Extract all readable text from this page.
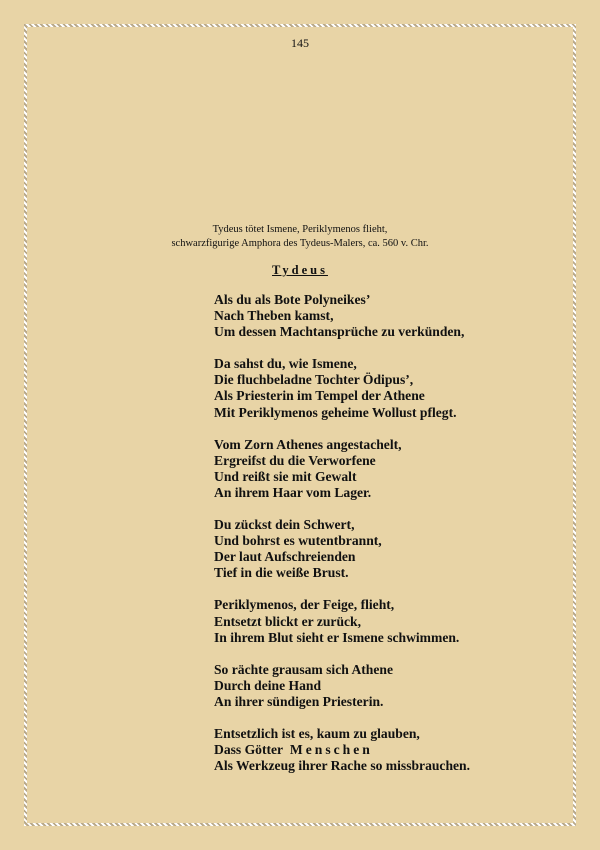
145
Tydeus tötet Ismene, Periklymenos flieht,
schwarzfigurige Amphora des Tydeus-Malers, ca. 560 v. Chr.
Tydeus
Als du als Bote Polyneikes’
Nach Theben kamst,
Um dessen Machtansprüche zu verkünden,
Da sahst du, wie Ismene,
Die fluchbeladne Tochter Ödipus’,
Als Priesterin im Tempel der Athene
Mit Periklymenos geheime Wollust pflegt.
Vom Zorn Athenes angestachelt,
Ergreifst du die Verworfene
Und reißt sie mit Gewalt
An ihrem Haar vom Lager.
Du zückst dein Schwert,
Und bohrst es wutentbrannt,
Der laut Aufschreienden
Tief in die weiße Brust.
Periklymenos, der Feige, flieht,
Entsetzt blickt er zurück,
In ihrem Blut sieht er Ismene schwimmen.
So rächte grausam sich Athene
Durch deine Hand
An ihrer sündigen Priesterin.
Entsetzlich ist es, kaum zu glauben,
Dass Götter Menschen
Als Werkzeug ihrer Rache so missbrauchen.
